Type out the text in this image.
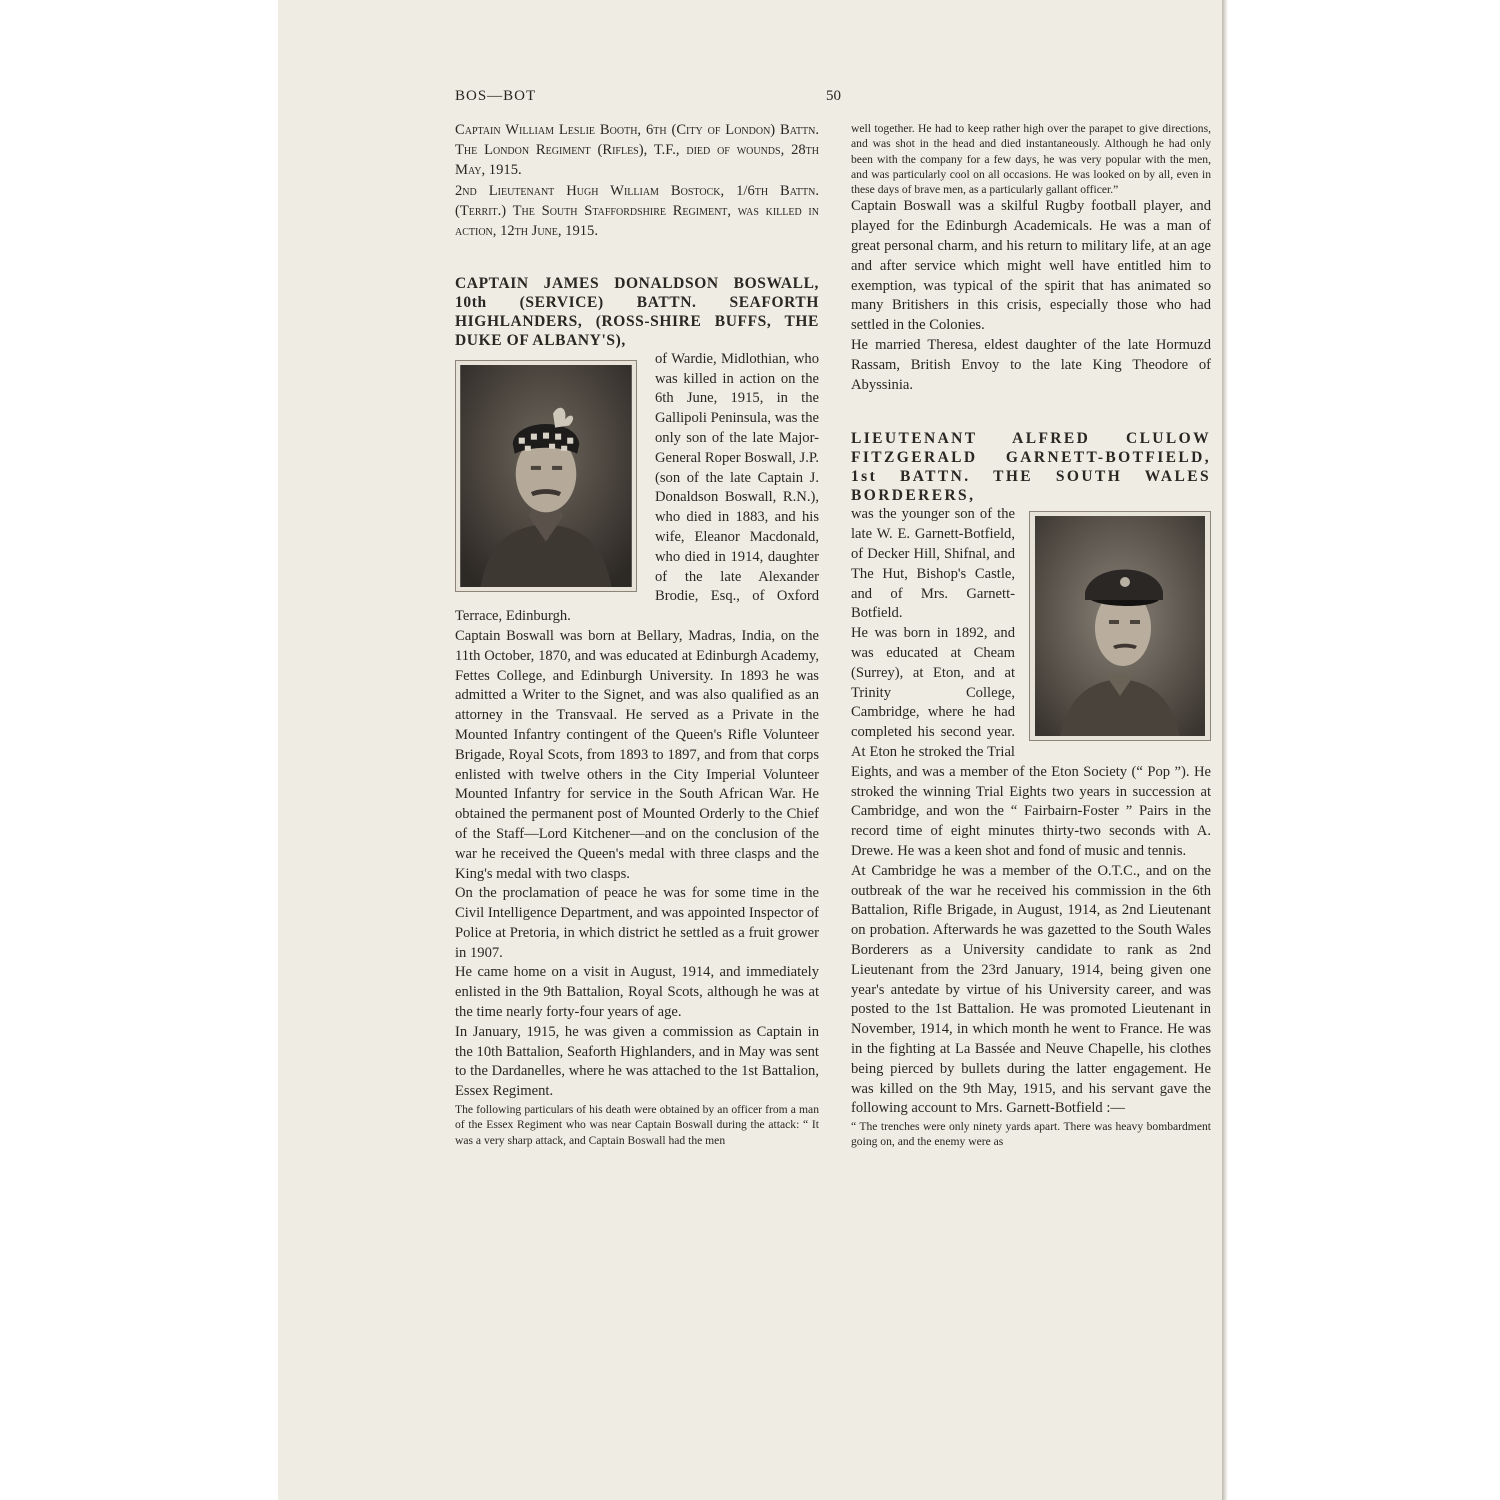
BOS—BOT	50

Captain William Leslie Booth, 6th (City of London) Battn. The London Regiment (Rifles), T.F., died of wounds, 28th May, 1915.

2nd Lieutenant Hugh William Bostock, 1/6th Battn. (Territ.) The South Staffordshire Regiment, was killed in action, 12th June, 1915.

CAPTAIN JAMES DONALDSON BOSWALL, 10th (SERVICE) BATTN. SEAFORTH HIGHLANDERS, (ROSS-SHIRE BUFFS, THE DUKE OF ALBANY'S),

of Wardie, Midlothian, who was killed in action on the 6th June, 1915, in the Gallipoli Peninsula, was the only son of the late Major-General Roper Boswall, J.P. (son of the late Captain J. Donaldson Boswall, R.N.), who died in 1883, and his wife, Eleanor Macdonald, who died in 1914, daughter of the late Alexander Brodie, Esq., of Oxford Terrace, Edinburgh.

Captain Boswall was born at Bellary, Madras, India, on the 11th October, 1870, and was educated at Edinburgh Academy, Fettes College, and Edinburgh University. In 1893 he was admitted a Writer to the Signet, and was also qualified as an attorney in the Transvaal. He served as a Private in the Mounted Infantry contingent of the Queen's Rifle Volunteer Brigade, Royal Scots, from 1893 to 1897, and from that corps enlisted with twelve others in the City Imperial Volunteer Mounted Infantry for service in the South African War. He obtained the permanent post of Mounted Orderly to the Chief of the Staff—Lord Kitchener—and on the conclusion of the war he received the Queen's medal with three clasps and the King's medal with two clasps.

On the proclamation of peace he was for some time in the Civil Intelligence Department, and was appointed Inspector of Police at Pretoria, in which district he settled as a fruit grower in 1907.

He came home on a visit in August, 1914, and immediately enlisted in the 9th Battalion, Royal Scots, although he was at the time nearly forty-four years of age.

In January, 1915, he was given a commission as Captain in the 10th Battalion, Seaforth Highlanders, and in May was sent to the Dardanelles, where he was attached to the 1st Battalion, Essex Regiment.

The following particulars of his death were obtained by an officer from a man of the Essex Regiment who was near Captain Boswall during the attack: “ It was a very sharp attack, and Captain Boswall had the men

well together. He had to keep rather high over the parapet to give directions, and was shot in the head and died instantaneously. Although he had only been with the company for a few days, he was very popular with the men, and was particularly cool on all occasions. He was looked on by all, even in these days of brave men, as a particularly gallant officer.”

Captain Boswall was a skilful Rugby football player, and played for the Edinburgh Academicals. He was a man of great personal charm, and his return to military life, at an age and after service which might well have entitled him to exemption, was typical of the spirit that has animated so many Britishers in this crisis, especially those who had settled in the Colonies.

He married Theresa, eldest daughter of the late Hormuzd Rassam, British Envoy to the late King Theodore of Abyssinia.

LIEUTENANT ALFRED CLULOW FITZGERALD GARNETT-BOTFIELD, 1st BATTN. THE SOUTH WALES BORDERERS,

was the younger son of the late W. E. Garnett-Botfield, of Decker Hill, Shifnal, and The Hut, Bishop's Castle, and of Mrs. Garnett-Botfield.

He was born in 1892, and was educated at Cheam (Surrey), at Eton, and at Trinity College, Cambridge, where he had completed his second year. At Eton he stroked the Trial Eights, and was a member of the Eton Society (“ Pop ”). He stroked the winning Trial Eights two years in succession at Cambridge, and won the “ Fairbairn-Foster ” Pairs in the record time of eight minutes thirty-two seconds with A. Drewe. He was a keen shot and fond of music and tennis.

At Cambridge he was a member of the O.T.C., and on the outbreak of the war he received his commission in the 6th Battalion, Rifle Brigade, in August, 1914, as 2nd Lieutenant on probation. Afterwards he was gazetted to the South Wales Borderers as a University candidate to rank as 2nd Lieutenant from the 23rd January, 1914, being given one year's antedate by virtue of his University career, and was posted to the 1st Battalion. He was promoted Lieutenant in November, 1914, in which month he went to France. He was in the fighting at La Bassée and Neuve Chapelle, his clothes being pierced by bullets during the latter engagement. He was killed on the 9th May, 1915, and his servant gave the following account to Mrs. Garnett-Botfield :—

“ The trenches were only ninety yards apart. There was heavy bombardment going on, and the enemy were as
